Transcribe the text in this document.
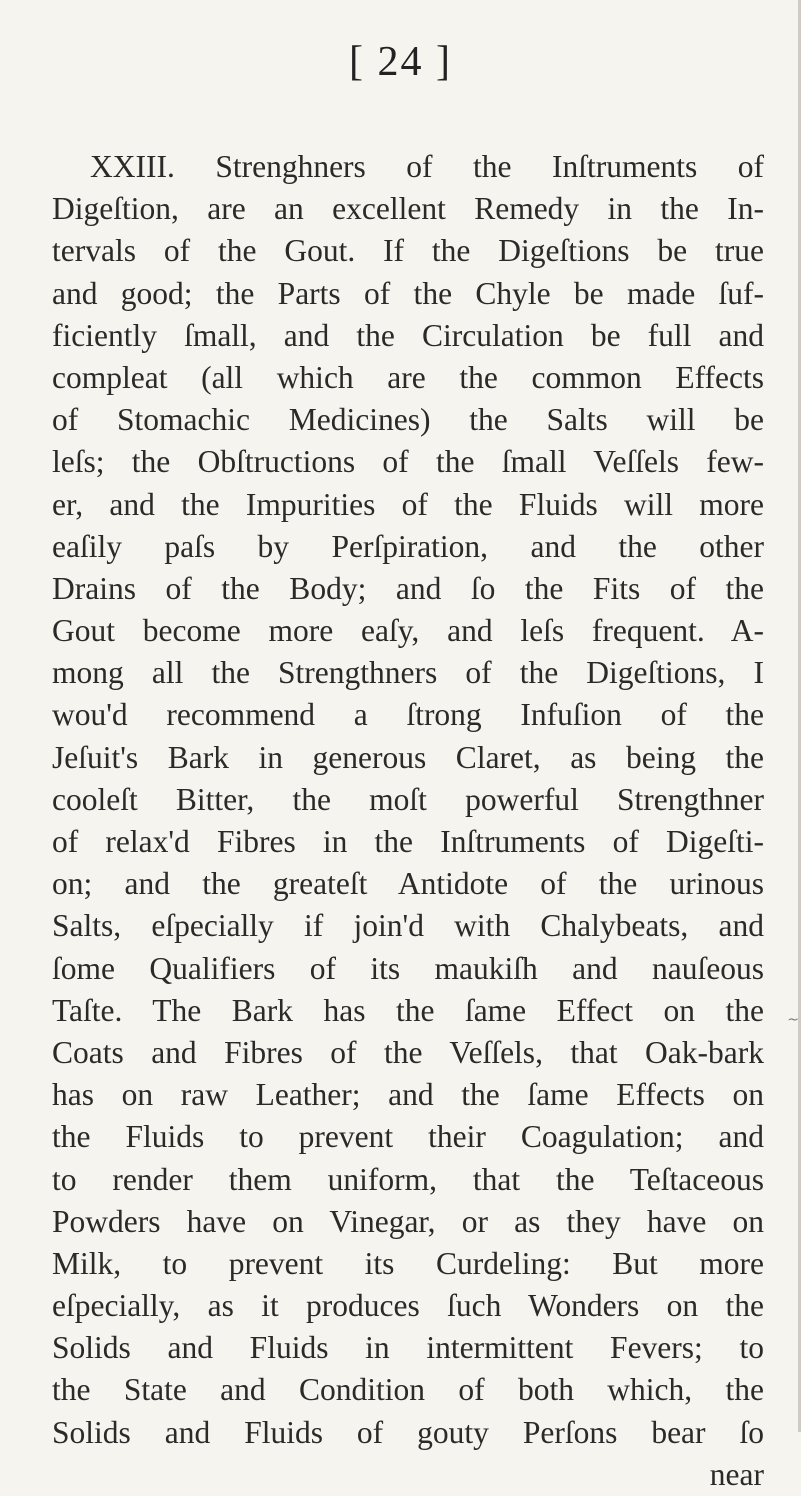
[ 24 ]
XXIII. Strenghners of the Inſtruments of
Digeſtion, are an excellent Remedy in the In-
tervals of the Gout. If the Digeſtions be true
and good; the Parts of the Chyle be made ſuf-
ficiently ſmall, and the Circulation be full and
compleat (all which are the common Effects
of Stomachic Medicines) the Salts will be
leſs; the Obſtructions of the ſmall Veſſels few-
er, and the Impurities of the Fluids will more
eaſily paſs by Perſpiration, and the other
Drains of the Body; and ſo the Fits of the
Gout become more eaſy, and leſs frequent. A-
mong all the Strengthners of the Digeſtions, I
wou'd recommend a ſtrong Infuſion of the
Jeſuit's Bark in generous Claret, as being the
cooleſt Bitter, the moſt powerful Strengthner
of relax'd Fibres in the Inſtruments of Digeſti-
on; and the greateſt Antidote of the urinous
Salts, eſpecially if join'd with Chalybeats, and
ſome Qualifiers of its maukiſh and nauſeous
Taſte. The Bark has the ſame Effect on the
Coats and Fibres of the Veſſels, that Oak-bark
has on raw Leather; and the ſame Effects on
the Fluids to prevent their Coagulation; and
to render them uniform, that the Teſtaceous
Powders have on Vinegar, or as they have on
Milk, to prevent its Curdeling: But more
eſpecially, as it produces ſuch Wonders on the
Solids and Fluids in intermittent Fevers; to
the State and Condition of both which, the
Solids and Fluids of gouty Perſons bear ſo
near
~
